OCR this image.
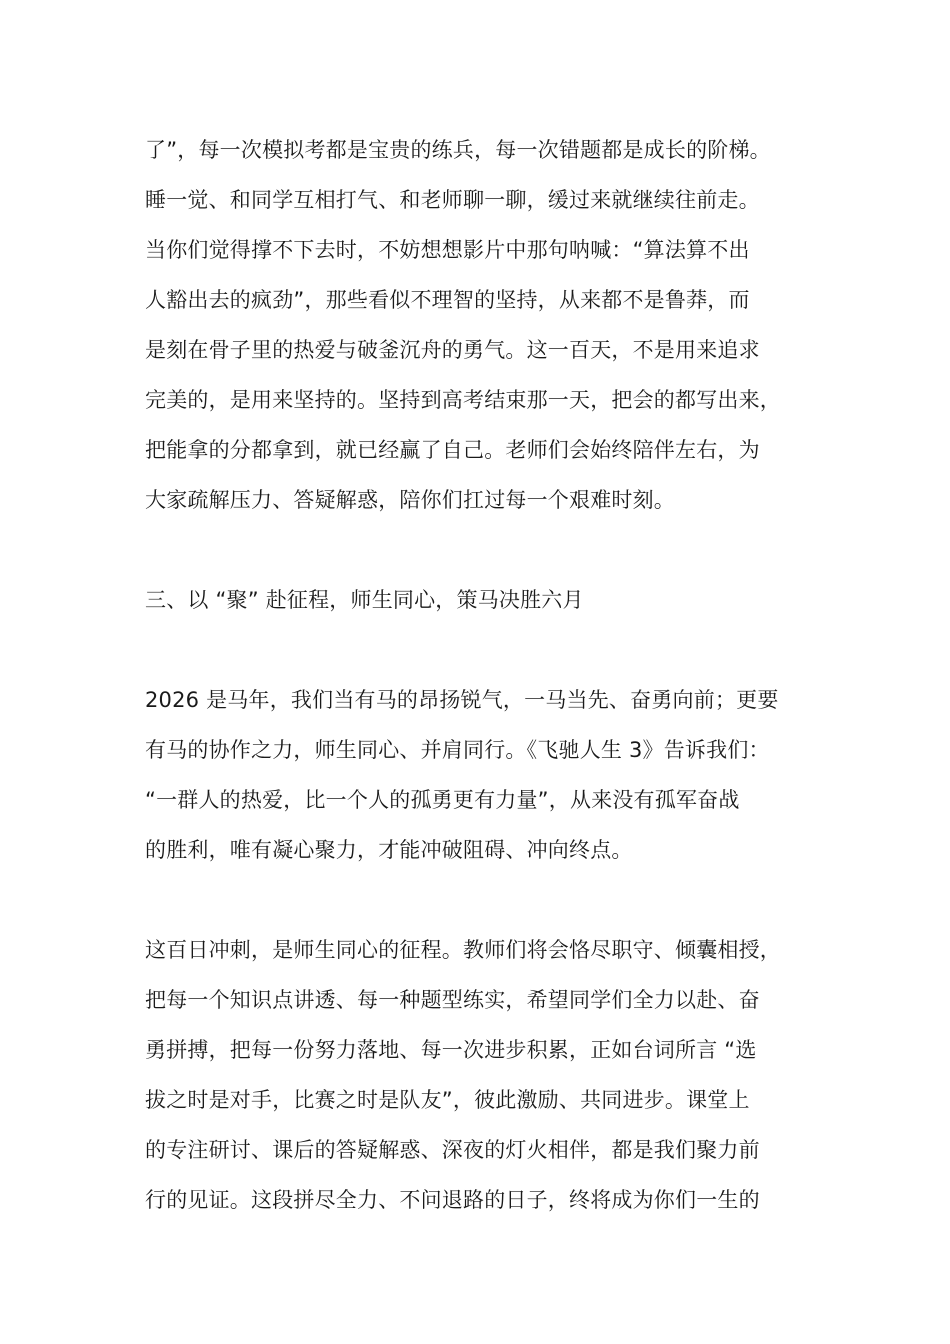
了”，每一次模拟考都是宝贵的练兵，每一次错题都是成长的阶梯。
睡一觉、和同学互相打气、和老师聊一聊，缓过来就继续往前走。
当你们觉得撑不下去时，不妨想想影片中那句呐喊：“算法算不出
人豁出去的疯劲”，那些看似不理智的坚持，从来都不是鲁莽，而
是刻在骨子里的热爱与破釜沉舟的勇气。这一百天，不是用来追求
完美的，是用来坚持的。坚持到高考结束那一天，把会的都写出来，
把能拿的分都拿到，就已经赢了自己。老师们会始终陪伴左右，为
大家疏解压力、答疑解惑，陪你们扛过每一个艰难时刻。
三、以 “聚” 赴征程，师生同心，策马决胜六月
2026 是马年，我们当有马的昂扬锐气，一马当先、奋勇向前；更要
有马的协作之力，师生同心、并肩同行。《飞驰人生 3》告诉我们：
“一群人的热爱，比一个人的孤勇更有力量”，从来没有孤军奋战
的胜利，唯有凝心聚力，才能冲破阻碍、冲向终点。
这百日冲刺，是师生同心的征程。教师们将会恪尽职守、倾囊相授，
把每一个知识点讲透、每一种题型练实，希望同学们全力以赴、奋
勇拼搏，把每一份努力落地、每一次进步积累，正如台词所言 “选
拔之时是对手，比赛之时是队友”，彼此激励、共同进步。课堂上
的专注研讨、课后的答疑解惑、深夜的灯火相伴，都是我们聚力前
行的见证。这段拼尽全力、不问退路的日子，终将成为你们一生的
